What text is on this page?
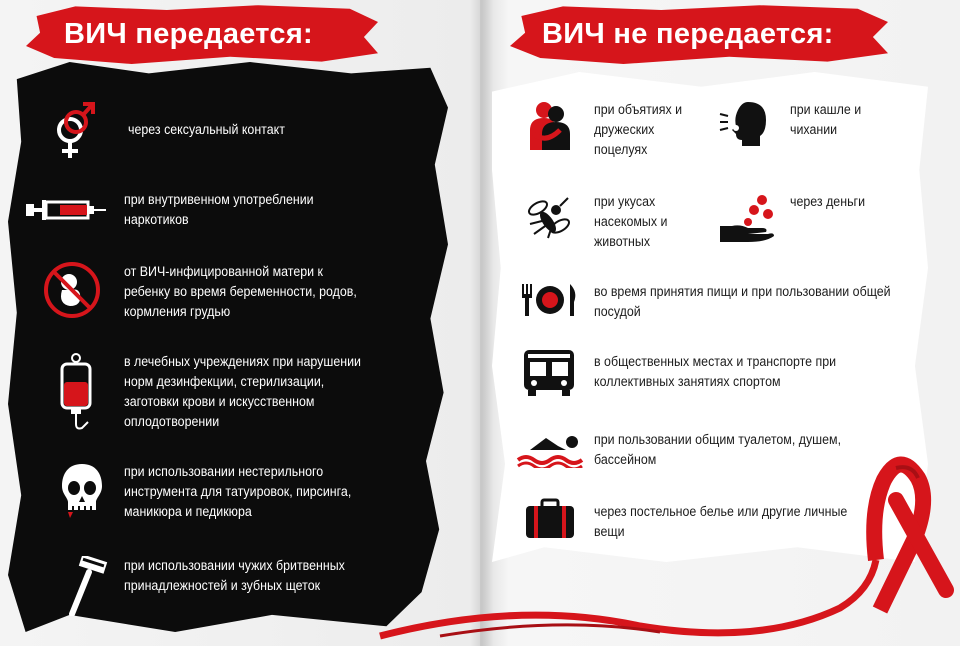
ВИЧ передается:
через сексуальный контакт
при внутривенном употреблении наркотиков
от ВИЧ-инфицированной матери к ребенку во время беременности, родов, кормления грудью
в лечебных учреждениях при нарушении норм дезинфекции, стерилизации, заготовки крови и искусственном оплодотворении
при использовании нестерильного инструмента для татуировок, пирсинга, маникюра и педикюра
при использовании чужих бритвенных принадлежностей и зубных щеток
ВИЧ не передается:
при объятиях и дружеских поцелуях
при кашле и чихании
при укусах насекомых и животных
через деньги
во время принятия пищи и при пользовании общей посудой
в общественных местах и транспорте при коллективных занятиях спортом
при пользовании общим туалетом, душем, бассейном
через постельное белье или другие личные вещи
